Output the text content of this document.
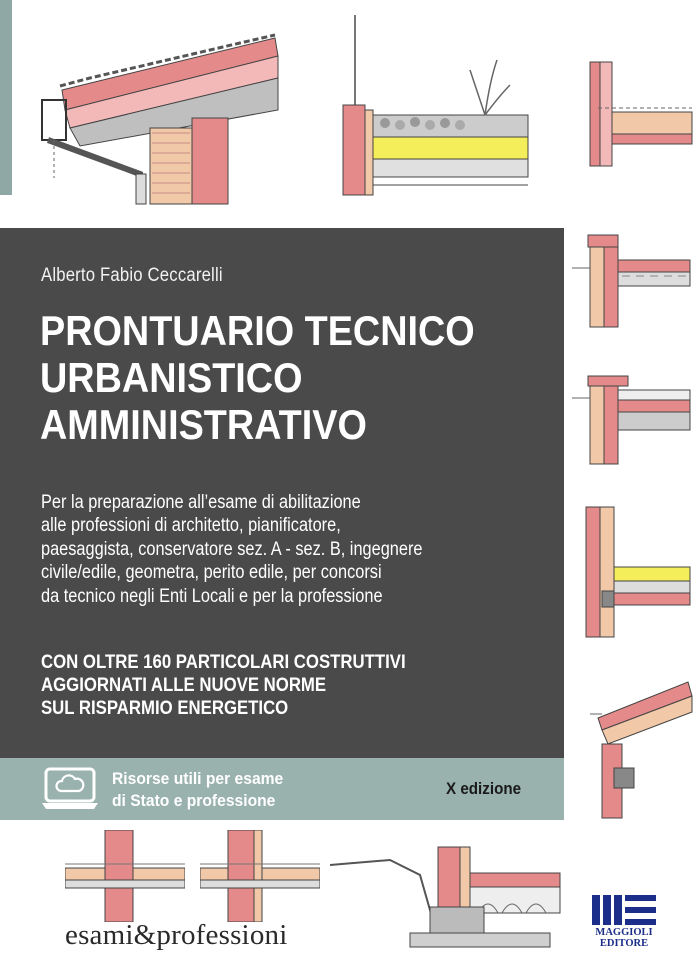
Alberto Fabio Ceccarelli
PRONTUARIO TECNICO
URBANISTICO
AMMINISTRATIVO
Per la preparazione all’esame di abilitazione
alle professioni di architetto, pianificatore,
paesaggista, conservatore sez. A - sez. B, ingegnere
civile/edile, geometra, perito edile, per concorsi
da tecnico negli Enti Locali e per la professione
CON OLTRE 160 PARTICOLARI COSTRUTTIVI
AGGIORNATI ALLE NUOVE NORME
SUL RISPARMIO ENERGETICO
Risorse utili per esame
di Stato e professione
X edizione
esami&professioni	MAGGIOLI
EDITORE
